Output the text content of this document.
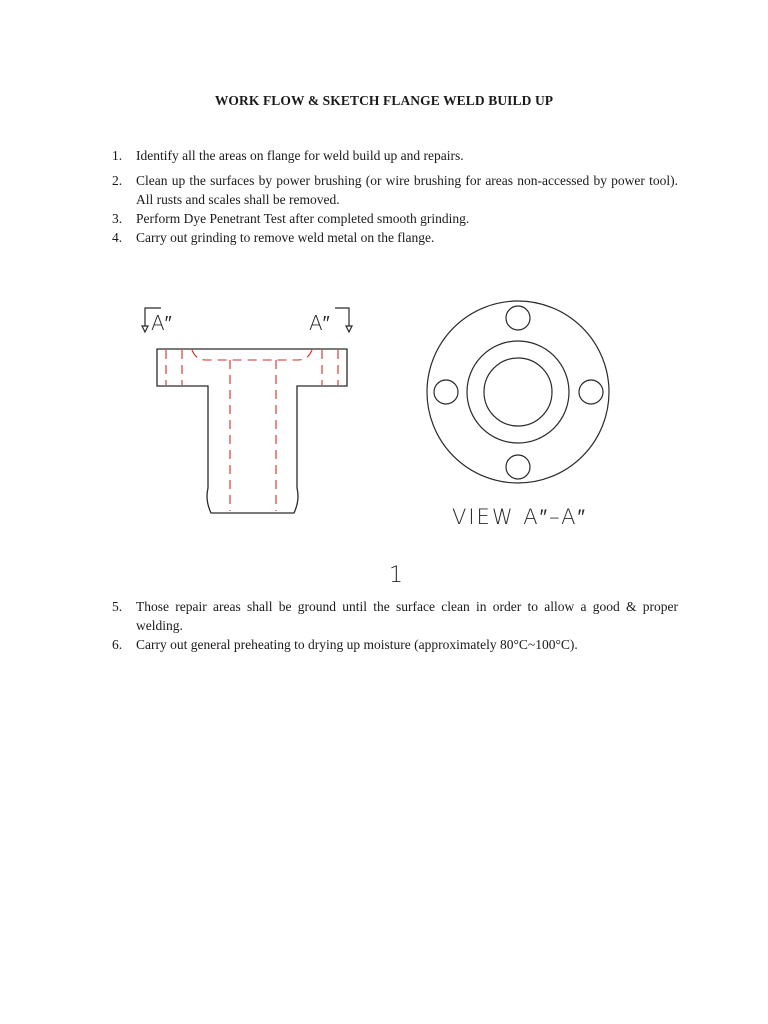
WORK FLOW & SKETCH FLANGE WELD BUILD UP
1. Identify all the areas on flange for weld build up and repairs.
2. Clean up the surfaces by power brushing (or wire brushing for areas non-accessed by power tool). All rusts and scales shall be removed.
3. Perform Dye Penetrant Test after completed smooth grinding.
4. Carry out grinding to remove weld metal on the flange.
A″	A″
VIEW A″–A″
1
5. Those repair areas shall be ground until the surface clean in order to allow a good & proper welding.
6. Carry out general preheating to drying up moisture (approximately 80°C~100°C).
